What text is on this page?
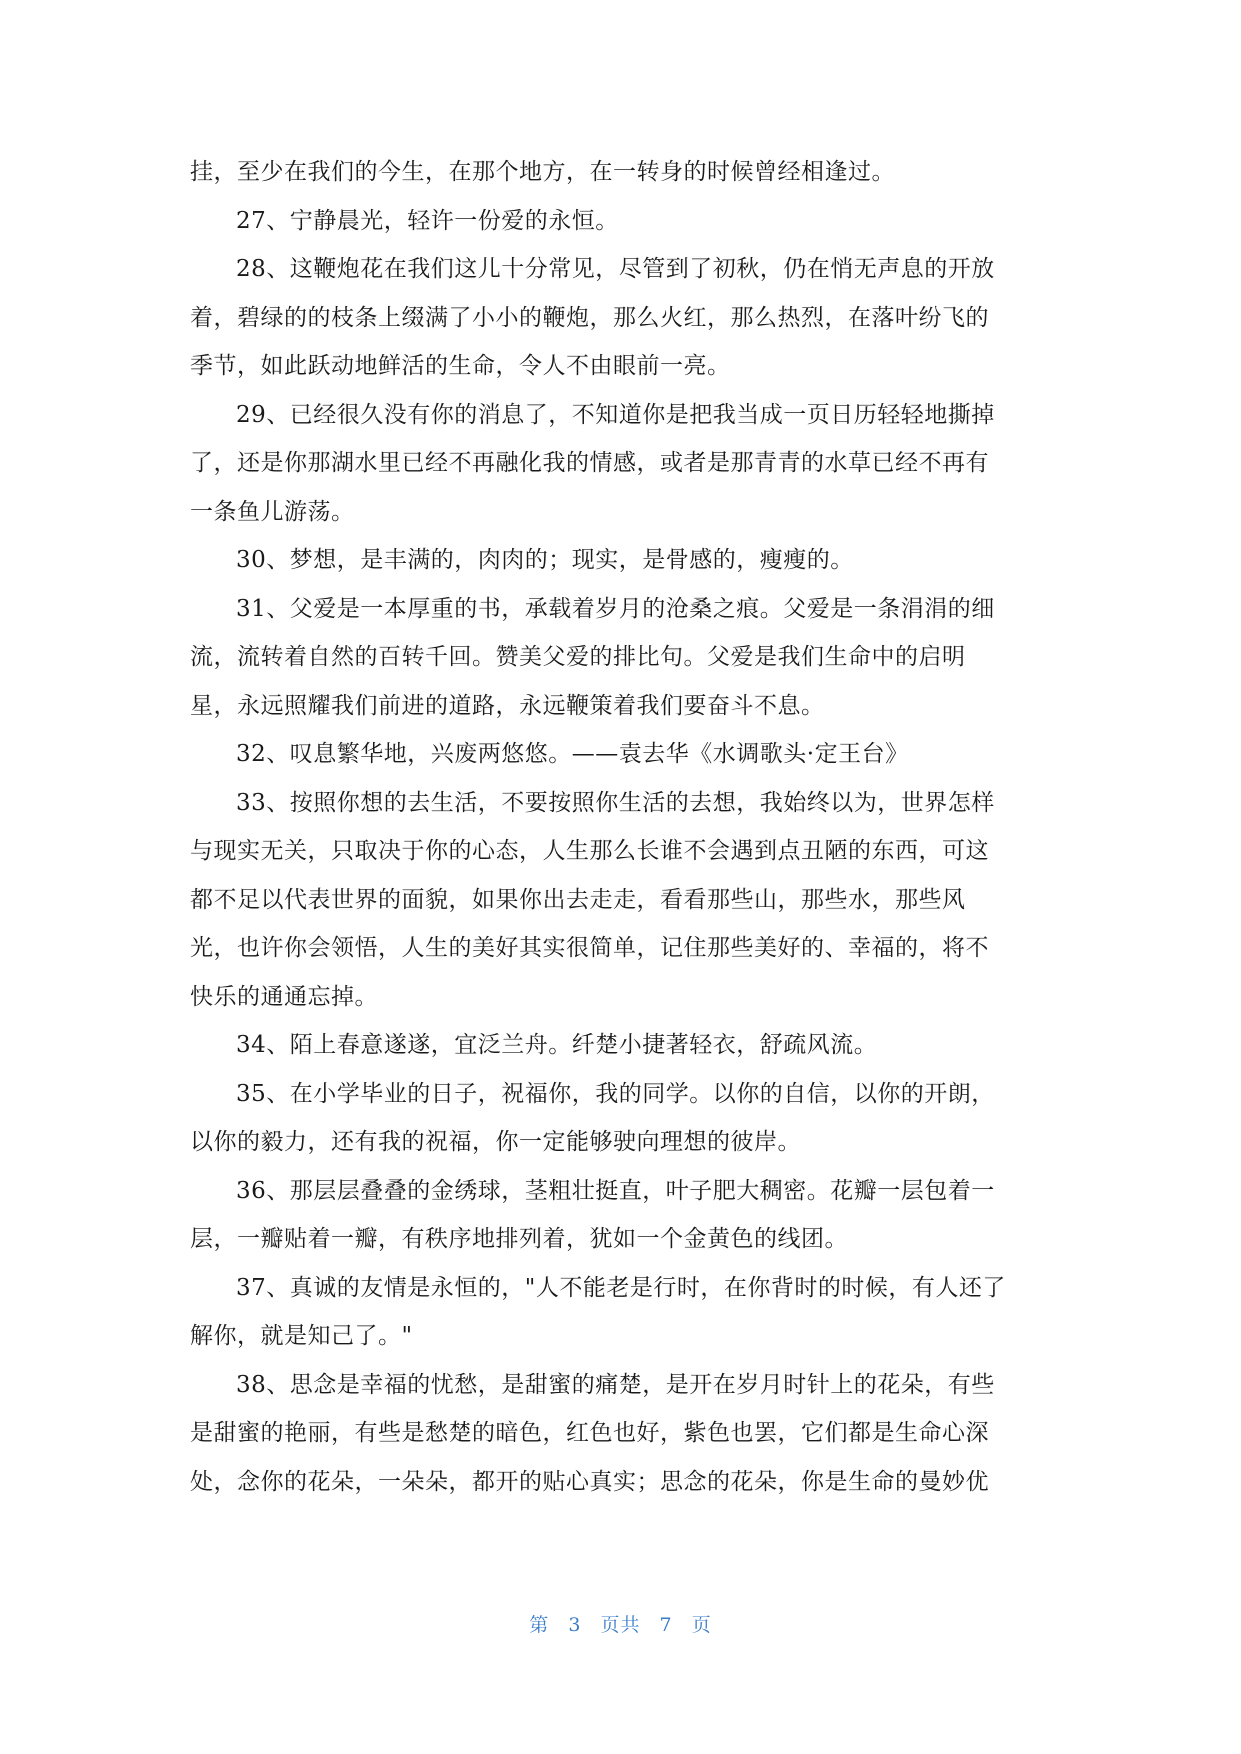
挂，至少在我们的今生，在那个地方，在一转身的时候曾经相逢过。
27、宁静晨光，轻许一份爱的永恒。
28、这鞭炮花在我们这儿十分常见，尽管到了初秋，仍在悄无声息的开放
着，碧绿的的枝条上缀满了小小的鞭炮，那么火红，那么热烈，在落叶纷飞的
季节，如此跃动地鲜活的生命，令人不由眼前一亮。
29、已经很久没有你的消息了，不知道你是把我当成一页日历轻轻地撕掉
了，还是你那湖水里已经不再融化我的情感，或者是那青青的水草已经不再有
一条鱼儿游荡。
30、梦想，是丰满的，肉肉的；现实，是骨感的，瘦瘦的。
31、父爱是一本厚重的书，承载着岁月的沧桑之痕。父爱是一条涓涓的细
流，流转着自然的百转千回。赞美父爱的排比句。父爱是我们生命中的启明
星，永远照耀我们前进的道路，永远鞭策着我们要奋斗不息。
32、叹息繁华地，兴废两悠悠。——袁去华《水调歌头·定王台》
33、按照你想的去生活，不要按照你生活的去想，我始终以为，世界怎样
与现实无关，只取决于你的心态，人生那么长谁不会遇到点丑陋的东西，可这
都不足以代表世界的面貌，如果你出去走走，看看那些山，那些水，那些风
光，也许你会领悟，人生的美好其实很简单，记住那些美好的、幸福的，将不
快乐的通通忘掉。
34、陌上春意遂遂，宜泛兰舟。纤楚小捷著轻衣，舒疏风流。
35、在小学毕业的日子，祝福你，我的同学。以你的自信，以你的开朗，
以你的毅力，还有我的祝福，你一定能够驶向理想的彼岸。
36、那层层叠叠的金绣球，茎粗壮挺直，叶子肥大稠密。花瓣一层包着一
层，一瓣贴着一瓣，有秩序地排列着，犹如一个金黄色的线团。
37、真诚的友情是永恒的，"人不能老是行时，在你背时的时候，有人还了
解你，就是知己了。"
38、思念是幸福的忧愁，是甜蜜的痛楚，是开在岁月时针上的花朵，有些
是甜蜜的艳丽，有些是愁楚的暗色，红色也好，紫色也罢，它们都是生命心深
处，念你的花朵，一朵朵，都开的贴心真实；思念的花朵，你是生命的曼妙优
第 3 页共 7 页
